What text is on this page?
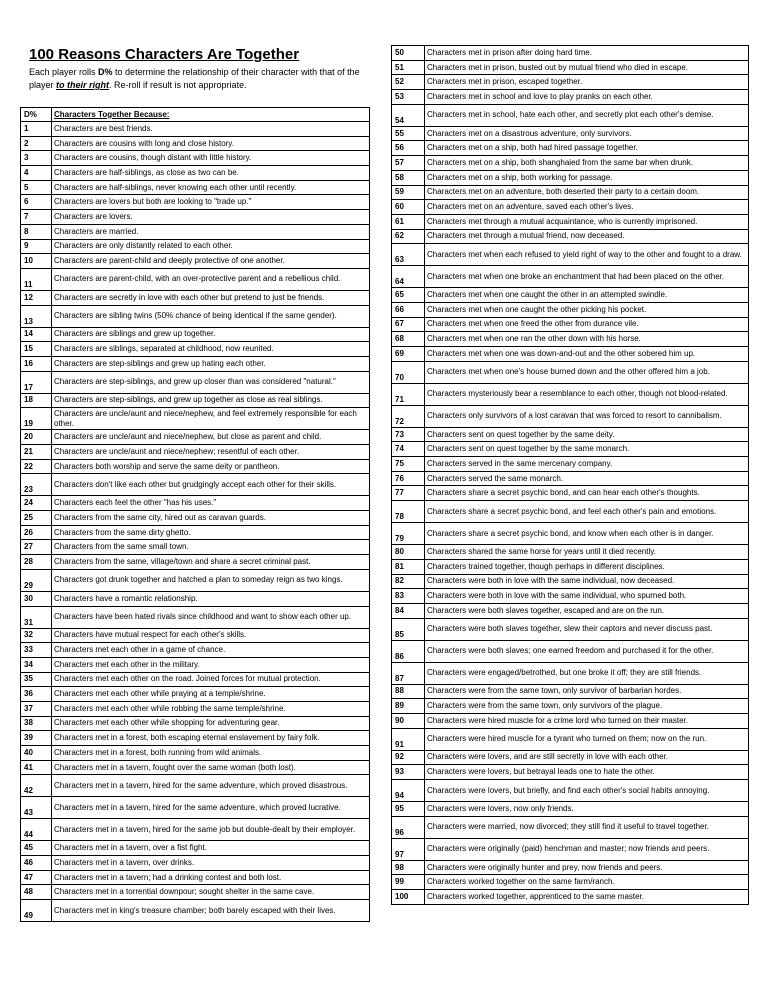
100 Reasons Characters Are Together
Each player rolls D% to determine the relationship of their character with that of the player to their right. Re-roll if result is not appropriate.
D%	Characters Together Because:
1	Characters are best friends.
2	Characters are cousins with long and close history.
3	Characters are cousins, though distant with little history.
4	Characters are half-siblings, as close as two can be.
5	Characters are half-siblings, never knowing each other until recently.
6	Characters are lovers but both are looking to "trade up."
7	Characters are lovers.
8	Characters are married.
9	Characters are only distantly related to each other.
10	Characters are parent-child and deeply protective of one another.
11	Characters are parent-child, with an over-protective parent and a rebellious child.
12	Characters are secretly in love with each other but pretend to just be friends.
13	Characters are sibling twins (50% chance of being identical if the same gender).
14	Characters are siblings and grew up together.
15	Characters are siblings, separated at childhood, now reunited.
16	Characters are step-siblings and grew up hating each other.
17	Characters are step-siblings, and grew up closer than was considered "natural."
18	Characters are step-siblings, and grew up together as close as real siblings.
19	Characters are uncle/aunt and niece/nephew, and feel extremely responsible for each other.
20	Characters are uncle/aunt and niece/nephew, but close as parent and child.
21	Characters are uncle/aunt and niece/nephew; resentful of each other.
22	Characters both worship and serve the same deity or pantheon.
23	Characters don't like each other but grudgingly accept each other for their skills.
24	Characters each feel the other "has his uses."
25	Characters from the same city, hired out as caravan guards.
26	Characters from the same dirty ghetto.
27	Characters from the same small town.
28	Characters from the same, village/town and share a secret criminal past.
29	Characters got drunk together and hatched a plan to someday reign as two kings.
30	Characters have a romantic relationship.
31	Characters have been hated rivals since childhood and want to show each other up.
32	Characters have mutual respect for each other's skills.
33	Characters met each other in a game of chance.
34	Characters met each other in the military.
35	Characters met each other on the road. Joined forces for mutual protection.
36	Characters met each other while praying at a temple/shrine.
37	Characters met each other while robbing the same temple/shrine.
38	Characters met each other while shopping for adventuring gear.
39	Characters met in a forest, both escaping eternal enslavement by fairy folk.
40	Characters met in a forest, both running from wild animals.
41	Characters met in a tavern, fought over the same woman (both lost).
42	Characters met in a tavern, hired for the same adventure, which proved disastrous.
43	Characters met in a tavern, hired for the same adventure, which proved lucrative.
44	Characters met in a tavern, hired for the same job but double-dealt by their employer.
45	Characters met in a tavern, over a fist fight.
46	Characters met in a tavern, over drinks.
47	Characters met in a tavern; had a drinking contest and both lost.
48	Characters met in a torrential downpour; sought shelter in the same cave.
49	Characters met in king's treasure chamber; both barely escaped with their lives.
50	Characters met in prison after doing hard time.
51	Characters met in prison, busted out by mutual friend who died in escape.
52	Characters met in prison, escaped together.
53	Characters met in school and love to play pranks on each other.
54	Characters met in school, hate each other, and secretly plot each other's demise.
55	Characters met on a disastrous adventure, only survivors.
56	Characters met on a ship, both had hired passage together.
57	Characters met on a ship, both shanghaied from the same bar when drunk.
58	Characters met on a ship, both working for passage.
59	Characters met on an adventure, both deserted their party to a certain doom.
60	Characters met on an adventure, saved each other's lives.
61	Characters met through a mutual acquaintance, who is currently imprisoned.
62	Characters met through a mutual friend, now deceased.
63	Characters met when each refused to yield right of way to the other and fought to a draw.
64	Characters met when one broke an enchantment that had been placed on the other.
65	Characters met when one caught the other in an attempted swindle.
66	Characters met when one caught the other picking his pocket.
67	Characters met when one freed the other from durance vile.
68	Characters met when one ran the other down with his horse.
69	Characters met when one was down-and-out and the other sobered him up.
70	Characters met when one's house burned down and the other offered him a job.
71	Characters mysteriously bear a resemblance to each other, though not blood-related.
72	Characters only survivors of a lost caravan that was forced to resort to cannibalism.
73	Characters sent on quest together by the same deity.
74	Characters sent on quest together by the same monarch.
75	Characters served in the same mercenary company.
76	Characters served the same monarch.
77	Characters share a secret psychic bond, and can hear each other's thoughts.
78	Characters share a secret psychic bond, and feel each other's pain and emotions.
79	Characters share a secret psychic bond, and know when each other is in danger.
80	Characters shared the same horse for years until it died recently.
81	Characters trained together, though perhaps in different disciplines.
82	Characters were both in love with the same individual, now deceased.
83	Characters were both in love with the same individual, who spurned both.
84	Characters were both slaves together, escaped and are on the run.
85	Characters were both slaves together, slew their captors and never discuss past.
86	Characters were both slaves; one earned freedom and purchased it for the other.
87	Characters were engaged/betrothed, but one broke it off; they are still friends.
88	Characters were from the same town, only survivor of barbarian hordes.
89	Characters were from the same town, only survivors of the plague.
90	Characters were hired muscle for a crime lord who turned on their master.
91	Characters were hired muscle for a tyrant who turned on them; now on the run.
92	Characters were lovers, and are still secretly in love with each other.
93	Characters were lovers, but betrayal leads one to hate the other.
94	Characters were lovers, but briefly, and find each other's social habits annoying.
95	Characters were lovers, now only friends.
96	Characters were married, now divorced; they still find it useful to travel together.
97	Characters were originally (paid) henchman and master; now friends and peers.
98	Characters were originally hunter and prey, now friends and peers.
99	Characters worked together on the same farm/ranch.
100	Characters worked together, apprenticed to the same master.
